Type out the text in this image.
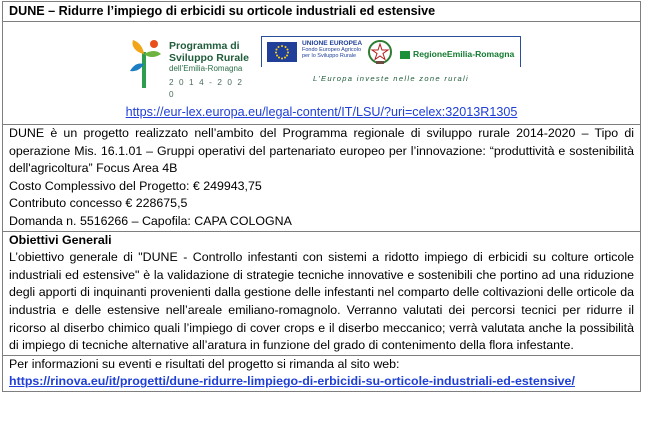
DUNE – Ridurre l’impiego di erbicidi su orticole industriali ed estensive

Programma di
Sviluppo Rurale
dell’Emilia-Romagna
2 0 1 4 - 2 0 2 0
UNIONE EUROPEA
Fondo Europeo Agricolo
per lo Sviluppo Rurale	RegioneEmilia-Romagna
L’Europa investe nelle zone rurali
https://eur-lex.europa.eu/legal-content/IT/LSU/?uri=celex:32013R1305

DUNE è un progetto realizzato nell’ambito del Programma regionale di sviluppo rurale 2014-2020 – Tipo di operazione Mis. 16.1.01 – Gruppi operativi del partenariato europeo per l’innovazione: “produttività e sostenibilità dell'agricoltura” Focus Area 4B

Costo Complessivo del Progetto: € 249943,75

Contributo concesso € 228675,5

Domanda n. 5516266 – Capofila: CAPA COLOGNA

Obiettivi Generali

L’obiettivo generale di "DUNE - Controllo infestanti con sistemi a ridotto impiego di erbicidi su colture orticole industriali ed estensive" è la validazione di strategie tecniche innovative e sostenibili che portino ad una riduzione degli apporti di inquinanti provenienti dalla gestione delle infestanti nel comparto delle coltivazioni delle orticole da industria e delle estensive nell’areale emiliano-romagnolo. Verranno valutati dei percorsi tecnici per ridurre il ricorso al diserbo chimico quali l’impiego di cover crops e il diserbo meccanico; verrà valutata anche la possibilità di impiego di tecniche alternative all’aratura in funzione del grado di contenimento della flora infestante.

Per informazioni su eventi e risultati del progetto si rimanda al sito web:

https://rinova.eu/it/progetti/dune-ridurre-limpiego-di-erbicidi-su-orticole-industriali-ed-estensive/
